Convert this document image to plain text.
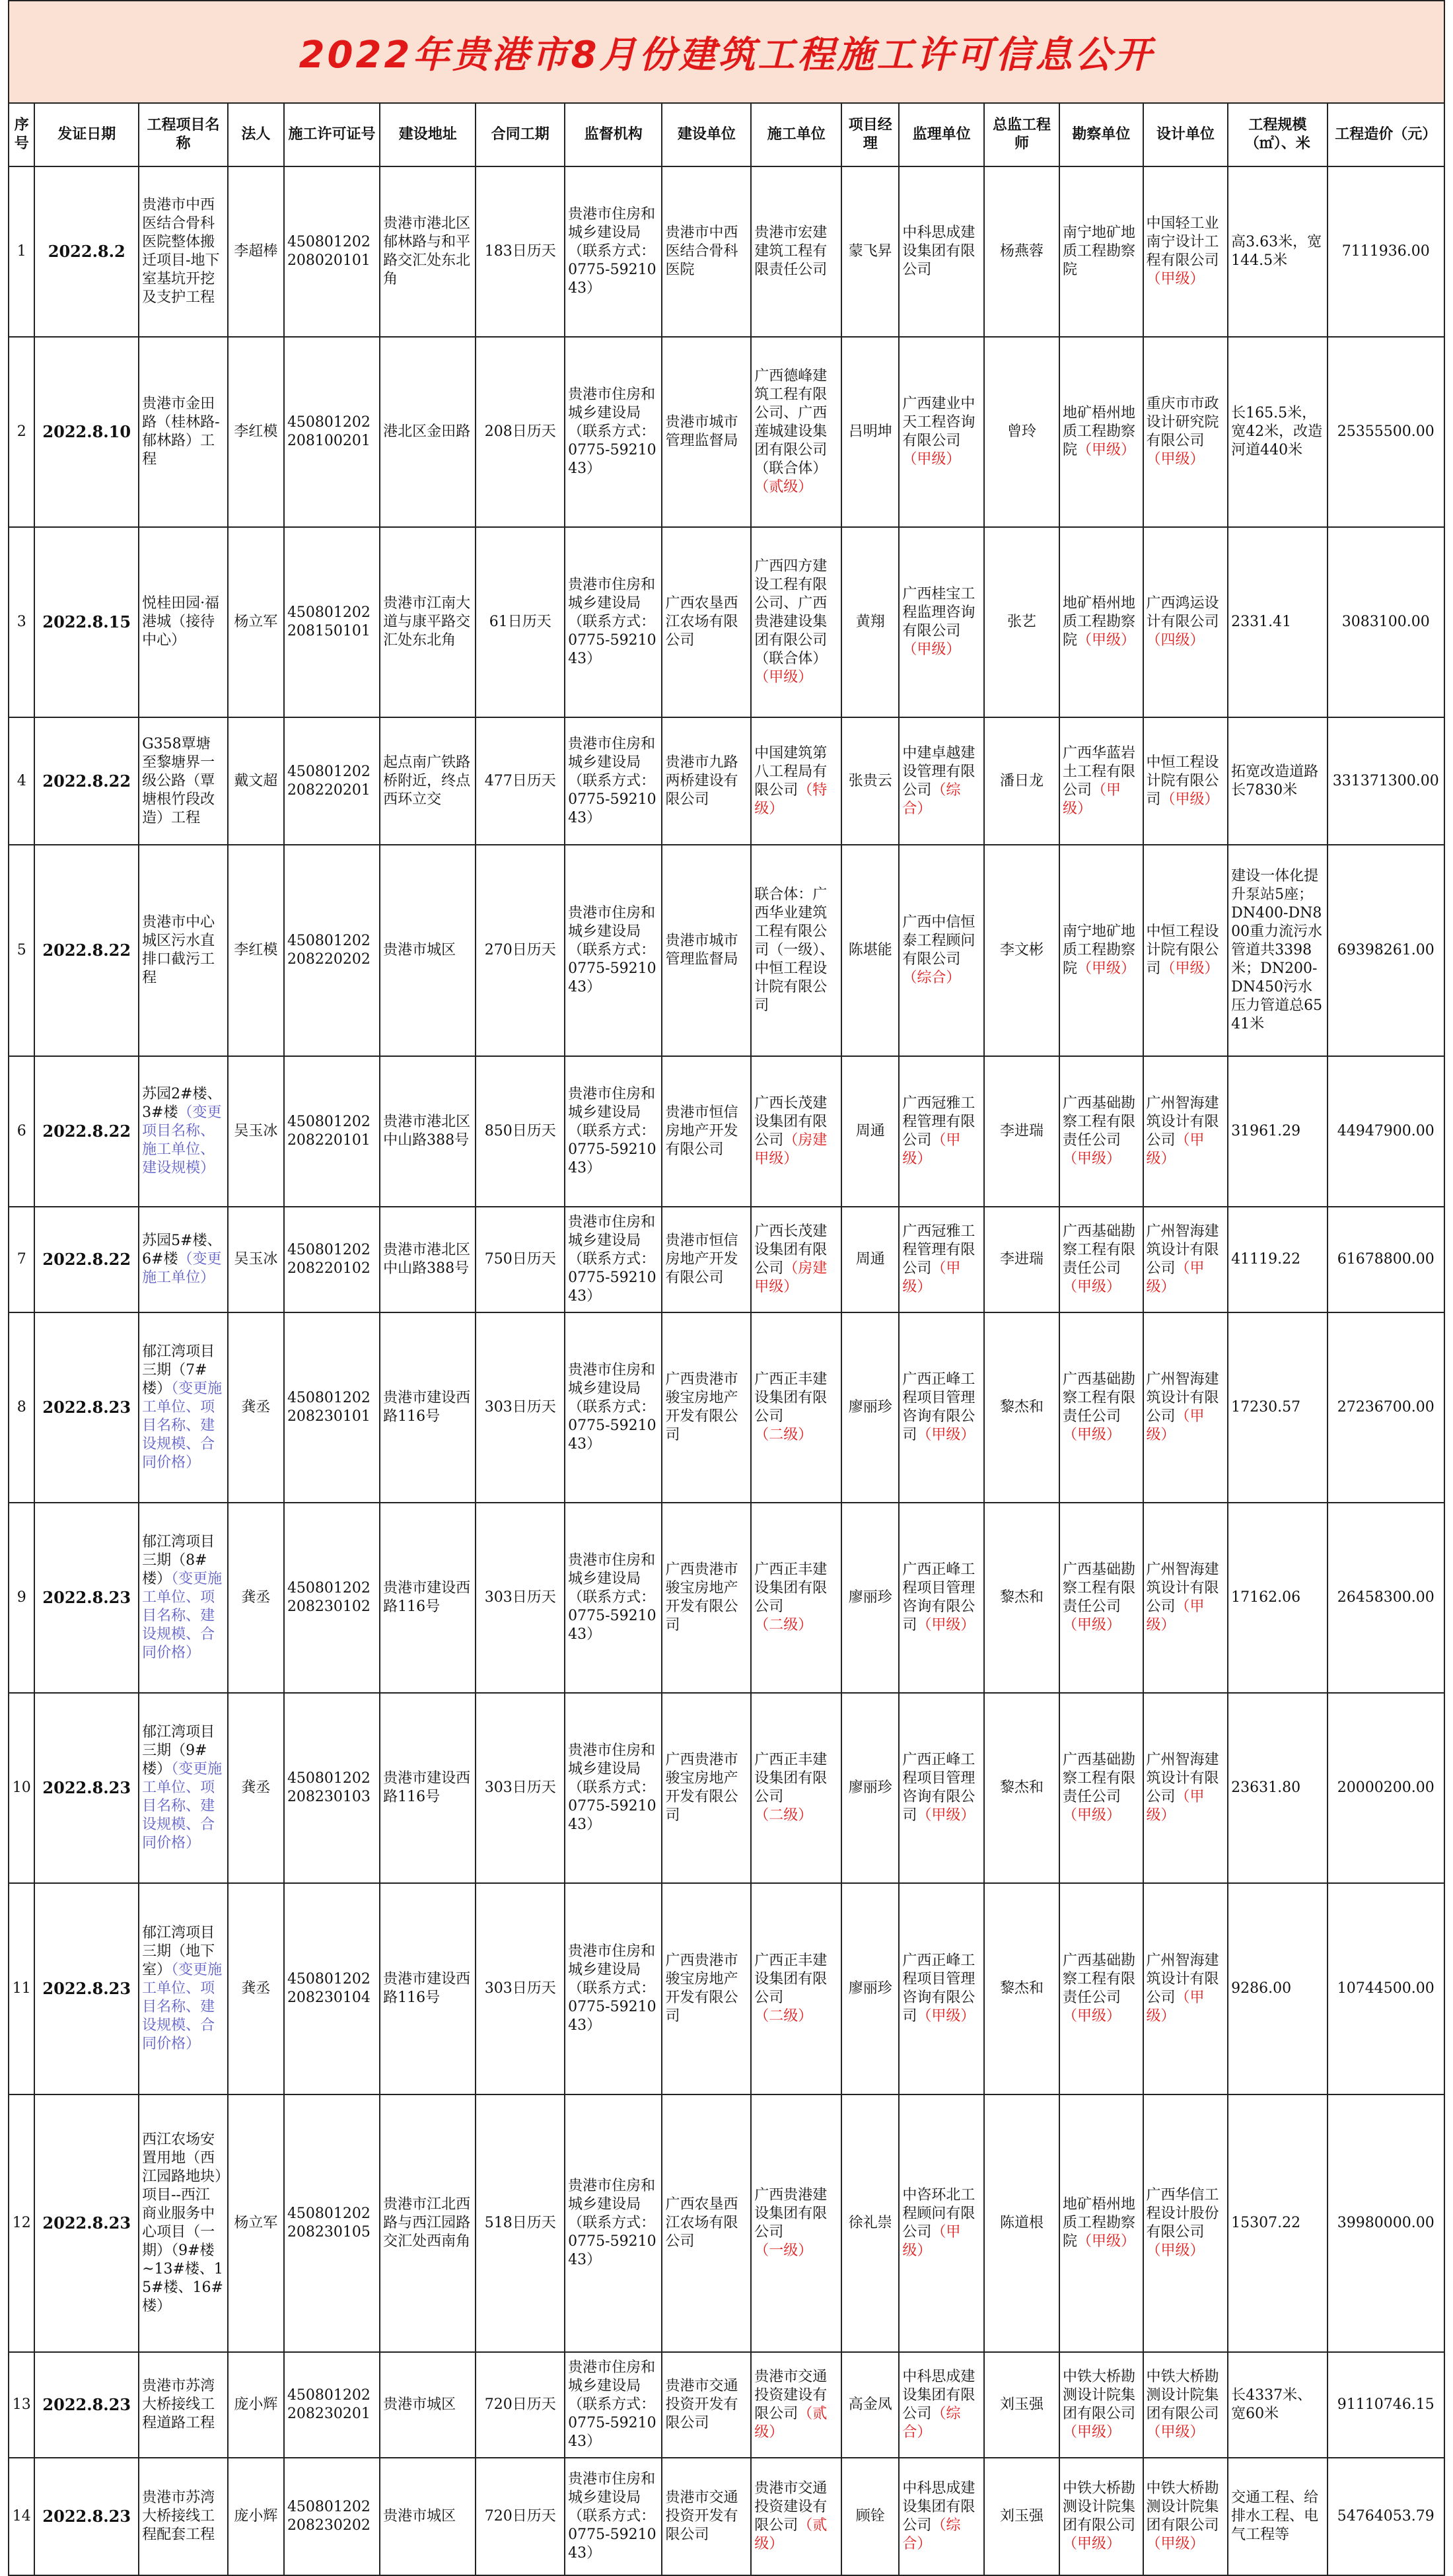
2022年贵港市8月份建筑工程施工许可信息公开
序号	发证日期	工程项目名称	法人	施工许可证号	建设地址	合同工期	监督机构	建设单位	施工单位	项目经理	监理单位	总监工程师	勘察单位	设计单位	工程规模（㎡）、米	工程造价（元）
1	2022.8.2	贵港市中西医结合骨科医院整体搬迁项目-地下室基坑开挖及支护工程	李超棒	450801202208020101	贵港市港北区郁林路与和平路交汇处东北角	183日历天	贵港市住房和城乡建设局（联系方式：0775-5921043）	贵港市中西医结合骨科医院	贵港市宏建建筑工程有限责任公司	蒙飞昇	中科思成建设集团有限公司	杨燕蓉	南宁地矿地质工程勘察院	中国轻工业南宁设计工程有限公司（甲级）	高3.63米，宽144.5米	7111936.00
2	2022.8.10	贵港市金田路（桂林路-郁林路）工程	李红模	450801202208100201	港北区金田路	208日历天	贵港市住房和城乡建设局（联系方式：0775-5921043）	贵港市城市管理监督局	广西德峰建筑工程有限公司、广西莲城建设集团有限公司（联合体）（贰级）	吕明坤	广西建业中天工程咨询有限公司（甲级）	曾玲	地矿梧州地质工程勘察院（甲级）	重庆市市政设计研究院有限公司（甲级）	长165.5米，宽42米，改造河道440米	25355500.00
3	2022.8.15	悦桂田园·福港城（接待中心）	杨立军	450801202208150101	贵港市江南大道与康平路交汇处东北角	61日历天	贵港市住房和城乡建设局（联系方式：0775-5921043）	广西农垦西江农场有限公司	广西四方建设工程有限公司、广西贵港建设集团有限公司（联合体）（甲级）	黄翔	广西桂宝工程监理咨询有限公司（甲级）	张艺	地矿梧州地质工程勘察院（甲级）	广西鸿运设计有限公司（四级）	2331.41	3083100.00
4	2022.8.22	G358覃塘至黎塘界一级公路（覃塘根竹段改造）工程	戴文超	450801202208220201	起点南广铁路桥附近，终点西环立交	477日历天	贵港市住房和城乡建设局（联系方式：0775-5921043）	贵港市九路两桥建设有限公司	中国建筑第八工程局有限公司（特级）	张贵云	中建卓越建设管理有限公司（综合）	潘日龙	广西华蓝岩土工程有限公司（甲级）	中恒工程设计院有限公司（甲级）	拓宽改造道路长7830米	331371300.00
5	2022.8.22	贵港市中心城区污水直排口截污工程	李红模	450801202208220202	贵港市城区	270日历天	贵港市住房和城乡建设局（联系方式：0775-5921043）	贵港市城市管理监督局	联合体：广西华业建筑工程有限公司（一级）、中恒工程设计院有限公司	陈堪能	广西中信恒泰工程顾问有限公司（综合）	李文彬	南宁地矿地质工程勘察院（甲级）	中恒工程设计院有限公司（甲级）	建设一体化提升泵站5座；DN400-DN800重力流污水管道共3398米；DN200-DN450污水压力管道总6541米	69398261.00
6	2022.8.22	苏园2#楼、3#楼（变更项目名称、施工单位、建设规模）	吴玉冰	450801202208220101	贵港市港北区中山路388号	850日历天	贵港市住房和城乡建设局（联系方式：0775-5921043）	贵港市恒信房地产开发有限公司	广西长茂建设集团有限公司（房建甲级）	周通	广西冠雅工程管理有限公司（甲级）	李进瑞	广西基础勘察工程有限责任公司（甲级）	广州智海建筑设计有限公司（甲级）	31961.29	44947900.00
7	2022.8.22	苏园5#楼、6#楼（变更施工单位）	吴玉冰	450801202208220102	贵港市港北区中山路388号	750日历天	贵港市住房和城乡建设局（联系方式：0775-5921043）	贵港市恒信房地产开发有限公司	广西长茂建设集团有限公司（房建甲级）	周通	广西冠雅工程管理有限公司（甲级）	李进瑞	广西基础勘察工程有限责任公司（甲级）	广州智海建筑设计有限公司（甲级）	41119.22	61678800.00
8	2022.8.23	郁江湾项目三期（7#楼）（变更施工单位、项目名称、建设规模、合同价格）	龚丞	450801202208230101	贵港市建设西路116号	303日历天	贵港市住房和城乡建设局（联系方式：0775-5921043）	广西贵港市骏宝房地产开发有限公司	广西正丰建设集团有限公司（二级）	廖丽珍	广西正峰工程项目管理咨询有限公司（甲级）	黎杰和	广西基础勘察工程有限责任公司（甲级）	广州智海建筑设计有限公司（甲级）	17230.57	27236700.00
9	2022.8.23	郁江湾项目三期（8#楼）（变更施工单位、项目名称、建设规模、合同价格）	龚丞	450801202208230102	贵港市建设西路116号	303日历天	贵港市住房和城乡建设局（联系方式：0775-5921043）	广西贵港市骏宝房地产开发有限公司	广西正丰建设集团有限公司（二级）	廖丽珍	广西正峰工程项目管理咨询有限公司（甲级）	黎杰和	广西基础勘察工程有限责任公司（甲级）	广州智海建筑设计有限公司（甲级）	17162.06	26458300.00
10	2022.8.23	郁江湾项目三期（9#楼）（变更施工单位、项目名称、建设规模、合同价格）	龚丞	450801202208230103	贵港市建设西路116号	303日历天	贵港市住房和城乡建设局（联系方式：0775-5921043）	广西贵港市骏宝房地产开发有限公司	广西正丰建设集团有限公司（二级）	廖丽珍	广西正峰工程项目管理咨询有限公司（甲级）	黎杰和	广西基础勘察工程有限责任公司（甲级）	广州智海建筑设计有限公司（甲级）	23631.80	20000200.00
11	2022.8.23	郁江湾项目三期（地下室）（变更施工单位、项目名称、建设规模、合同价格）	龚丞	450801202208230104	贵港市建设西路116号	303日历天	贵港市住房和城乡建设局（联系方式：0775-5921043）	广西贵港市骏宝房地产开发有限公司	广西正丰建设集团有限公司（二级）	廖丽珍	广西正峰工程项目管理咨询有限公司（甲级）	黎杰和	广西基础勘察工程有限责任公司（甲级）	广州智海建筑设计有限公司（甲级）	9286.00	10744500.00
12	2022.8.23	西江农场安置用地（西江园路地块）项目--西江商业服务中心项目（一期）（9#楼~13#楼、15#楼、16#楼）	杨立军	450801202208230105	贵港市江北西路与西江园路交汇处西南角	518日历天	贵港市住房和城乡建设局（联系方式：0775-5921043）	广西农垦西江农场有限公司	广西贵港建设集团有限公司（一级）	徐礼崇	中咨环北工程顾问有限公司（甲级）	陈道根	地矿梧州地质工程勘察院（甲级）	广西华信工程设计股份有限公司（甲级）	15307.22	39980000.00
13	2022.8.23	贵港市苏湾大桥接线工程道路工程	庞小辉	450801202208230201	贵港市城区	720日历天	贵港市住房和城乡建设局（联系方式：0775-5921043）	贵港市交通投资开发有限公司	贵港市交通投资建设有限公司（贰级）	高金凤	中科思成建设集团有限公司（综合）	刘玉强	中铁大桥勘测设计院集团有限公司（甲级）	中铁大桥勘测设计院集团有限公司（甲级）	长4337米、宽60米	91110746.15
14	2022.8.23	贵港市苏湾大桥接线工程配套工程	庞小辉	450801202208230202	贵港市城区	720日历天	贵港市住房和城乡建设局（联系方式：0775-5921043）	贵港市交通投资开发有限公司	贵港市交通投资建设有限公司（贰级）	顾铨	中科思成建设集团有限公司（综合）	刘玉强	中铁大桥勘测设计院集团有限公司（甲级）	中铁大桥勘测设计院集团有限公司（甲级）	交通工程、给排水工程、电气工程等	54764053.79
